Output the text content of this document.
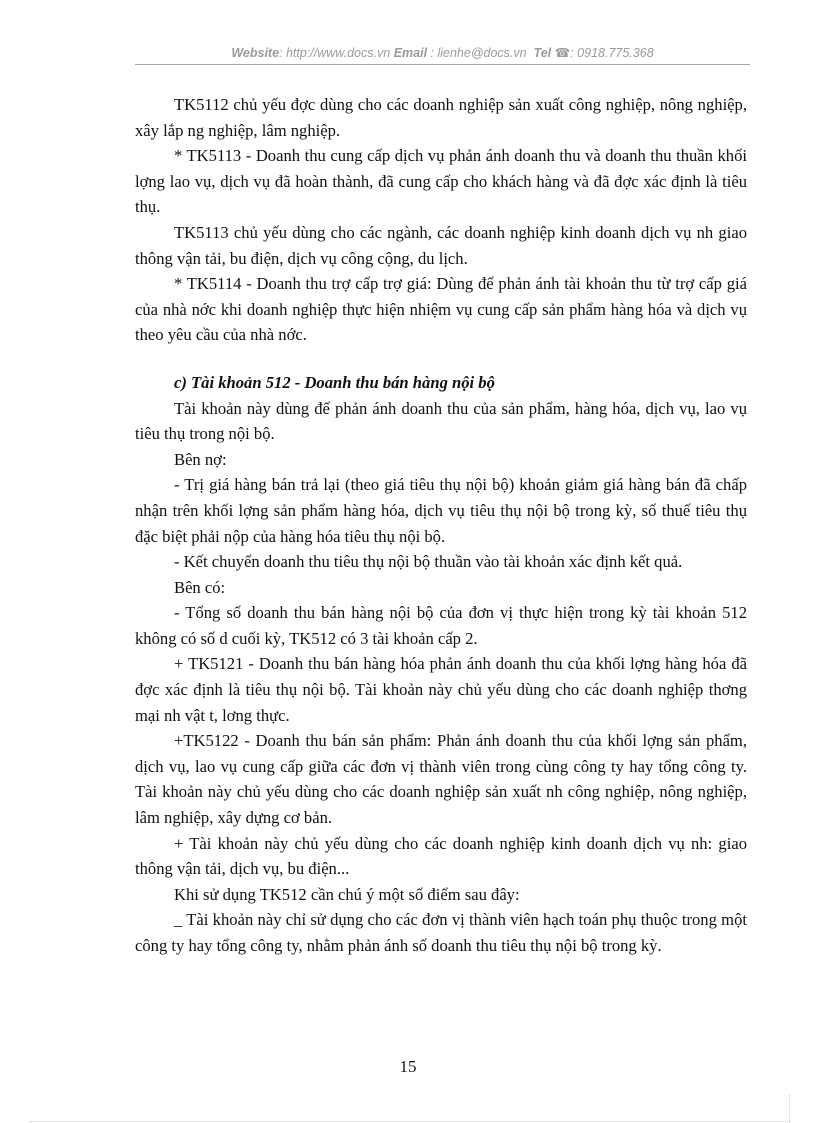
Website: http://www.docs.vn Email : lienhe@docs.vn Tel ☎: 0918.775.368

TK5112 chủ yếu đợc dùng cho các doanh nghiệp sản xuất công nghiệp, nông nghiệp, xây lắp ng nghiệp, lâm nghiệp.

* TK5113 - Doanh thu cung cấp dịch vụ phản ánh doanh thu và doanh thu thuần khối lợng lao vụ, dịch vụ đã hoàn thành, đã cung cấp cho khách hàng và đã đợc xác định là tiêu thụ.

TK5113 chủ yếu dùng cho các ngành, các doanh nghiệp kinh doanh dịch vụ nh giao thông vận tải, bu điện, dịch vụ công cộng, du lịch.

* TK5114 - Doanh thu trợ cấp trợ giá: Dùng để phản ánh tài khoản thu từ trợ cấp giá của nhà nớc khi doanh nghiệp thực hiện nhiệm vụ cung cấp sản phẩm hàng hóa và dịch vụ theo yêu cầu của nhà nớc.

c) Tài khoản 512 - Doanh thu bán hàng nội bộ

Tài khoản này dùng để phản ánh doanh thu của sản phẩm, hàng hóa, dịch vụ, lao vụ tiêu thụ trong nội bộ.

Bên nợ:

- Trị giá hàng bán trả lại (theo giá tiêu thụ nội bộ) khoản giảm giá hàng bán đã chấp nhận trên khối lợng sản phẩm hàng hóa, dịch vụ tiêu thụ nội bộ trong kỳ, số thuế tiêu thụ đặc biệt phải nộp của hàng hóa tiêu thụ nội bộ.

- Kết chuyển doanh thu tiêu thụ nội bộ thuần vào tài khoản xác định kết quả.

Bên có:

- Tổng số doanh thu bán hàng nội bộ của đơn vị thực hiện trong kỳ tài khoản 512 không có số d cuối kỳ, TK512 có 3 tài khoản cấp 2.

+ TK5121 - Doanh thu bán hàng hóa phản ánh doanh thu của khối lợng hàng hóa đã đợc xác định là tiêu thụ nội bộ. Tài khoản này chủ yếu dùng cho các doanh nghiệp thơng mại nh vật t, lơng thực.

+TK5122 - Doanh thu bán sản phẩm: Phản ánh doanh thu của khối lợng sản phẩm, dịch vụ, lao vụ cung cấp giữa các đơn vị thành viên trong cùng công ty hay tổng công ty. Tài khoản này chủ yếu dùng cho các doanh nghiệp sản xuất nh công nghiệp, nông nghiệp, lâm nghiệp, xây dựng cơ bản.

+ Tài khoản này chủ yếu dùng cho các doanh nghiệp kinh doanh dịch vụ nh: giao thông vận tải, dịch vụ, bu điện...

Khi sử dụng TK512 cần chú ý một số điểm sau đây:

_ Tài khoản này chỉ sử dụng cho các đơn vị thành viên hạch toán phụ thuộc trong một công ty hay tổng công ty, nhằm phản ánh số doanh thu tiêu thụ nội bộ trong kỳ.

15
